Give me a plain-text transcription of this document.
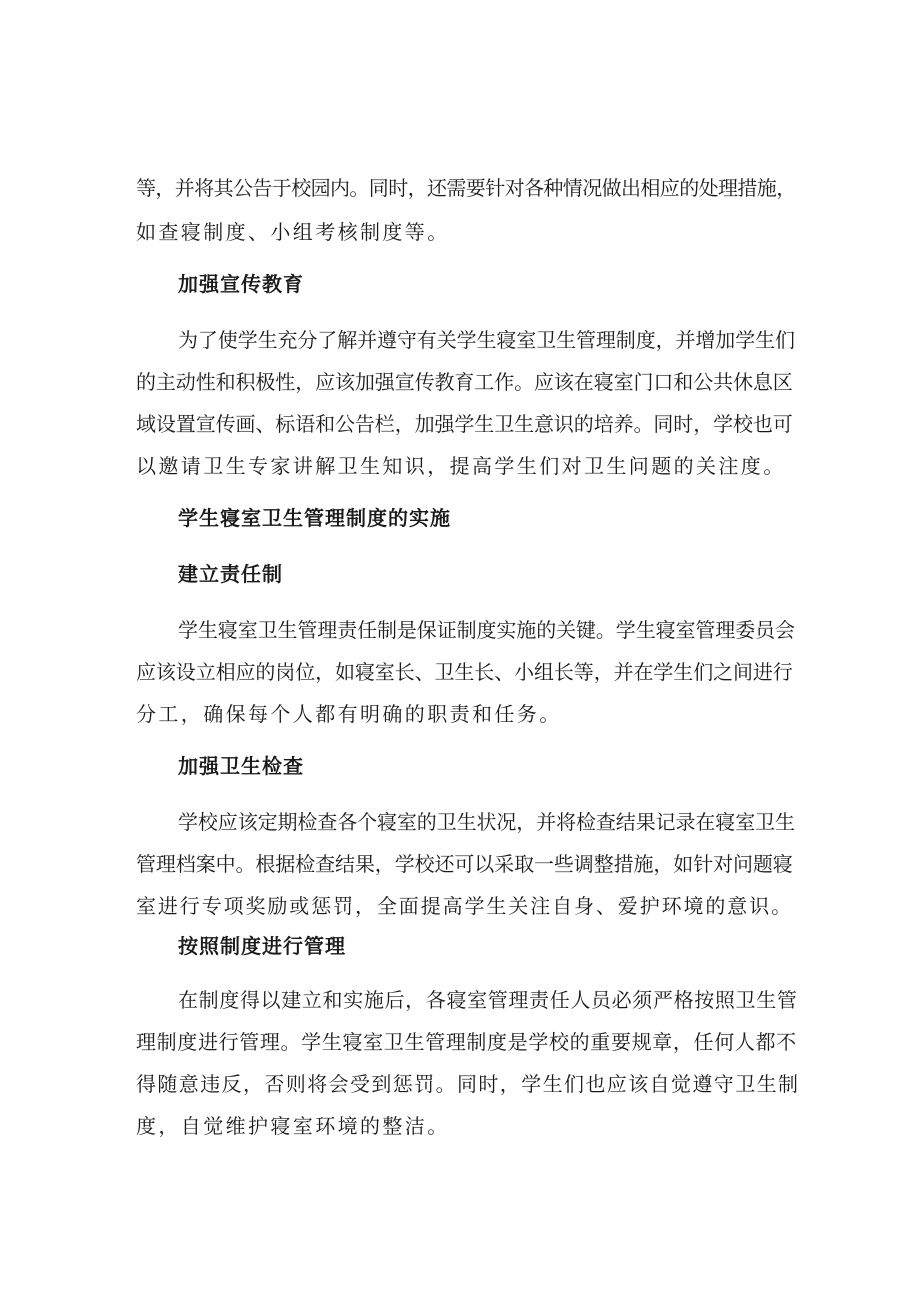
等，并将其公告于校园内。同时，还需要针对各种情况做出相应的处理措施，
如查寝制度、小组考核制度等。
加强宣传教育
为了使学生充分了解并遵守有关学生寝室卫生管理制度，并增加学生们
的主动性和积极性，应该加强宣传教育工作。应该在寝室门口和公共休息区
域设置宣传画、标语和公告栏，加强学生卫生意识的培养。同时，学校也可
以邀请卫生专家讲解卫生知识，提高学生们对卫生问题的关注度。
学生寝室卫生管理制度的实施
建立责任制
学生寝室卫生管理责任制是保证制度实施的关键。学生寝室管理委员会
应该设立相应的岗位，如寝室长、卫生长、小组长等，并在学生们之间进行
分工，确保每个人都有明确的职责和任务。
加强卫生检查
学校应该定期检查各个寝室的卫生状况，并将检查结果记录在寝室卫生
管理档案中。根据检查结果，学校还可以采取一些调整措施，如针对问题寝
室进行专项奖励或惩罚，全面提高学生关注自身、爱护环境的意识。
按照制度进行管理
在制度得以建立和实施后，各寝室管理责任人员必须严格按照卫生管
理制度进行管理。学生寝室卫生管理制度是学校的重要规章，任何人都不
得随意违反，否则将会受到惩罚。同时，学生们也应该自觉遵守卫生制
度，自觉维护寝室环境的整洁。
